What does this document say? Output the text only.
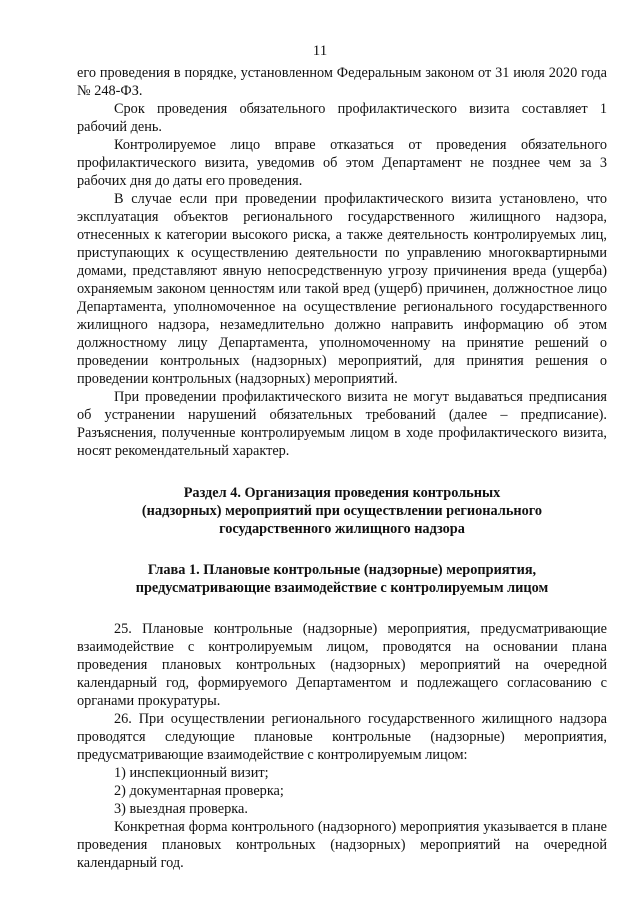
11

его проведения в порядке, установленном Федеральным законом от 31 июля 2020 года № 248-ФЗ.

Срок проведения обязательного профилактического визита составляет 1 рабочий день.

Контролируемое лицо вправе отказаться от проведения обязательного профилактического визита, уведомив об этом Департамент не позднее чем за 3 рабочих дня до даты его проведения.

В случае если при проведении профилактического визита установлено, что эксплуатация объектов регионального государственного жилищного надзора, отнесенных к категории высокого риска, а также деятельность контролируемых лиц, приступающих к осуществлению деятельности по управлению многоквартирными домами, представляют явную непосредственную угрозу причинения вреда (ущерба) охраняемым законом ценностям или такой вред (ущерб) причинен, должностное лицо Департамента, уполномоченное на осуществление регионального государственного жилищного надзора, незамедлительно должно направить информацию об этом должностному лицу Департамента, уполномоченному на принятие решений о проведении контрольных (надзорных) мероприятий, для принятия решения о проведении контрольных (надзорных) мероприятий.

При проведении профилактического визита не могут выдаваться предписания об устранении нарушений обязательных требований (далее – предписание). Разъяснения, полученные контролируемым лицом в ходе профилактического визита, носят рекомендательный характер.

Раздел 4. Организация проведения контрольных

(надзорных) мероприятий при осуществлении регионального

государственного жилищного надзора

Глава 1. Плановые контрольные (надзорные) мероприятия,

предусматривающие взаимодействие с контролируемым лицом

25. Плановые контрольные (надзорные) мероприятия, предусматривающие взаимодействие с контролируемым лицом, проводятся на основании плана проведения плановых контрольных (надзорных) мероприятий на очередной календарный год, формируемого Департаментом и подлежащего согласованию с органами прокуратуры.

26. При осуществлении регионального государственного жилищного надзора проводятся следующие плановые контрольные (надзорные) мероприятия, предусматривающие взаимодействие с контролируемым лицом:

1) инспекционный визит;

2) документарная проверка;

3) выездная проверка.

Конкретная форма контрольного (надзорного) мероприятия указывается в плане проведения плановых контрольных (надзорных) мероприятий на очередной календарный год.
